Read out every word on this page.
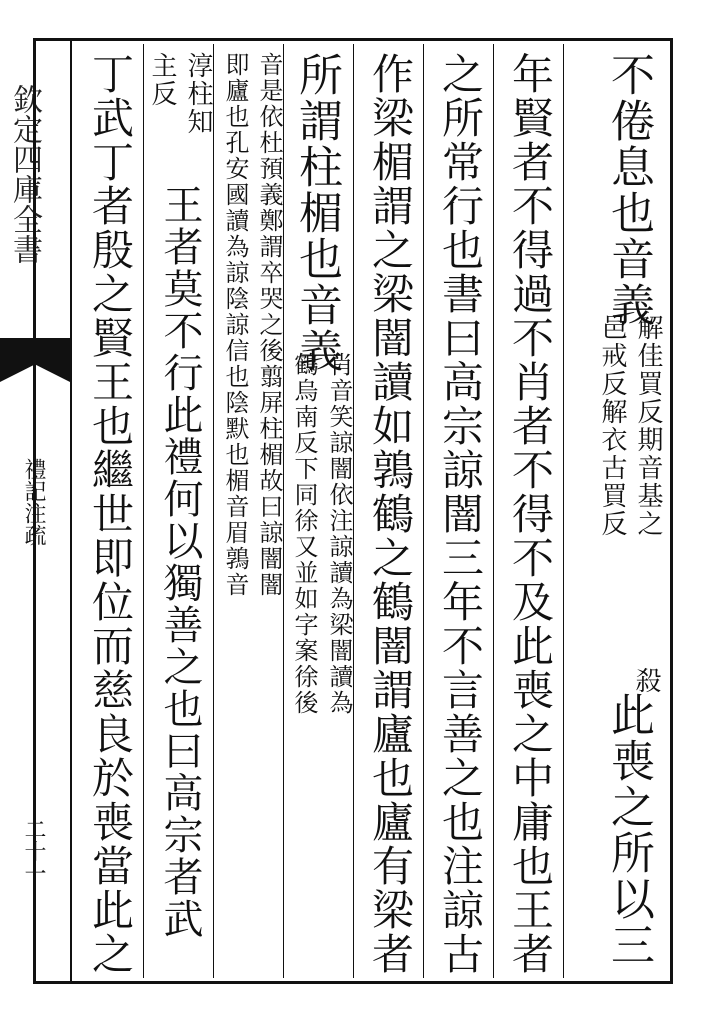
欽定四庫全書
禮記注疏
二十一
不倦息也音義
解佳買反期音基之
邑戒反解衣古買反
殺
此喪之所以三
年賢者不得過不肖者不得不及此喪之中庸也王者
之所常行也書曰高宗諒闇三年不言善之也注諒古
作梁楣謂之梁闇讀如鶉鶴之鶴闇謂廬也廬有梁者
所謂柱楣也音義
肖音笑諒闇依注諒讀為梁闇讀為
鶴烏南反下同徐又並如字案徐後
音是依杜預義鄭謂卒哭之後翦屏柱楣故曰諒闇闇
即廬也孔安國讀為諒陰諒信也陰默也楣音眉鶉音
淳柱知
主反
王者莫不行此禮何以獨善之也曰高宗者武
丁武丁者殷之賢王也繼世即位而慈良於喪當此之
